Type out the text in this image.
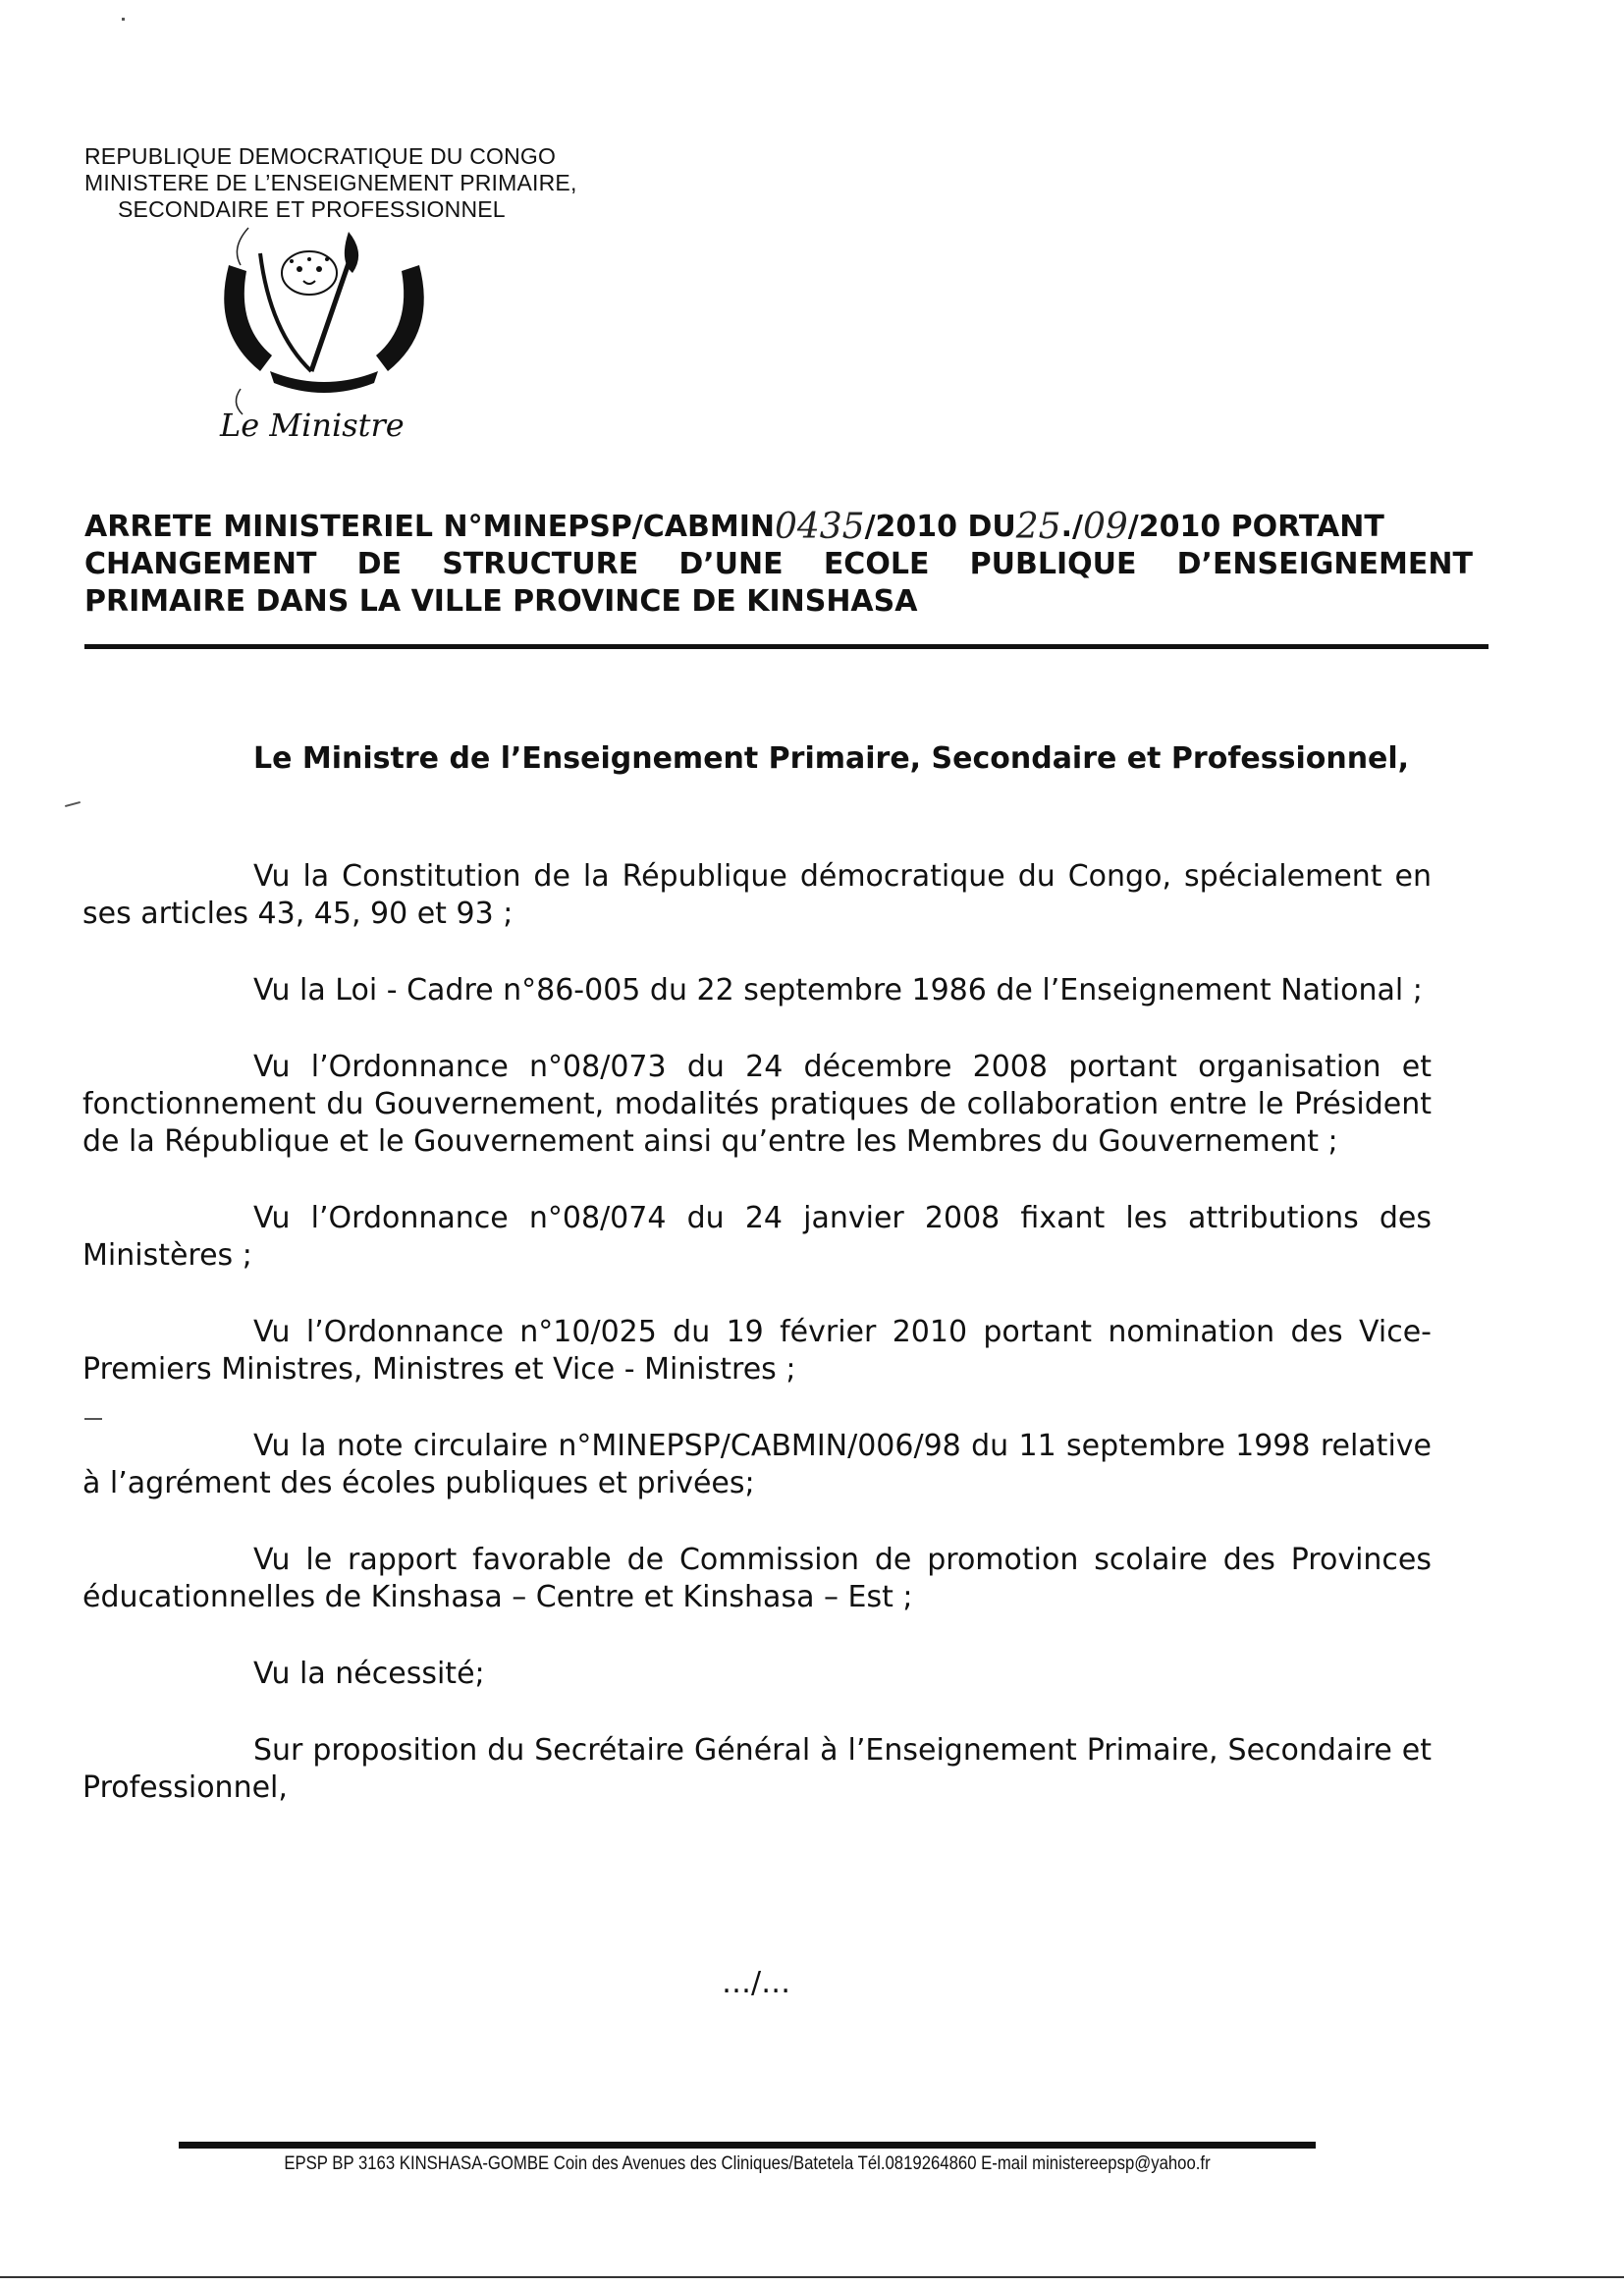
REPUBLIQUE DEMOCRATIQUE DU CONGO
MINISTERE DE L’ENSEIGNEMENT PRIMAIRE,
SECONDAIRE ET PROFESSIONNEL
Le Ministre
ARRETE MINISTERIEL N°MINEPSP/CABMIN 0435 /2010 DU 25 . / 09 /2010 PORTANT
CHANGEMENT DE STRUCTURE D’UNE ECOLE PUBLIQUE D’ENSEIGNEMENT
PRIMAIRE DANS LA VILLE PROVINCE DE KINSHASA
Le Ministre de l’Enseignement Primaire, Secondaire et Professionnel,

Vu la Constitution de la République démocratique du Congo, spécialement en ses articles 43, 45, 90 et 93 ;

Vu la Loi - Cadre n°86-005 du 22 septembre 1986 de l’Enseignement National ;

Vu l’Ordonnance n°08/073 du 24 décembre 2008 portant organisation et fonctionnement du Gouvernement, modalités pratiques de collaboration entre le Président de la République et le Gouvernement ainsi qu’entre les Membres du Gouvernement ;

Vu l’Ordonnance n°08/074 du 24 janvier 2008 fixant les attributions des Ministères ;

Vu l’Ordonnance n°10/025 du 19 février 2010 portant nomination des Vice-Premiers Ministres, Ministres et Vice - Ministres ;

Vu la note circulaire n°MINEPSP/CABMIN/006/98 du 11 septembre 1998 relative à l’agrément des écoles publiques et privées;

Vu le rapport favorable de Commission de promotion scolaire des Provinces éducationnelles de Kinshasa – Centre et Kinshasa – Est ;

Vu la nécessité;

Sur proposition du Secrétaire Général à l’Enseignement Primaire, Secondaire et Professionnel,

…/…
EPSP BP 3163 KINSHASA-GOMBE Coin des Avenues des Cliniques/Batetela Tél.0819264860 E-mail ministereepsp@yahoo.fr
